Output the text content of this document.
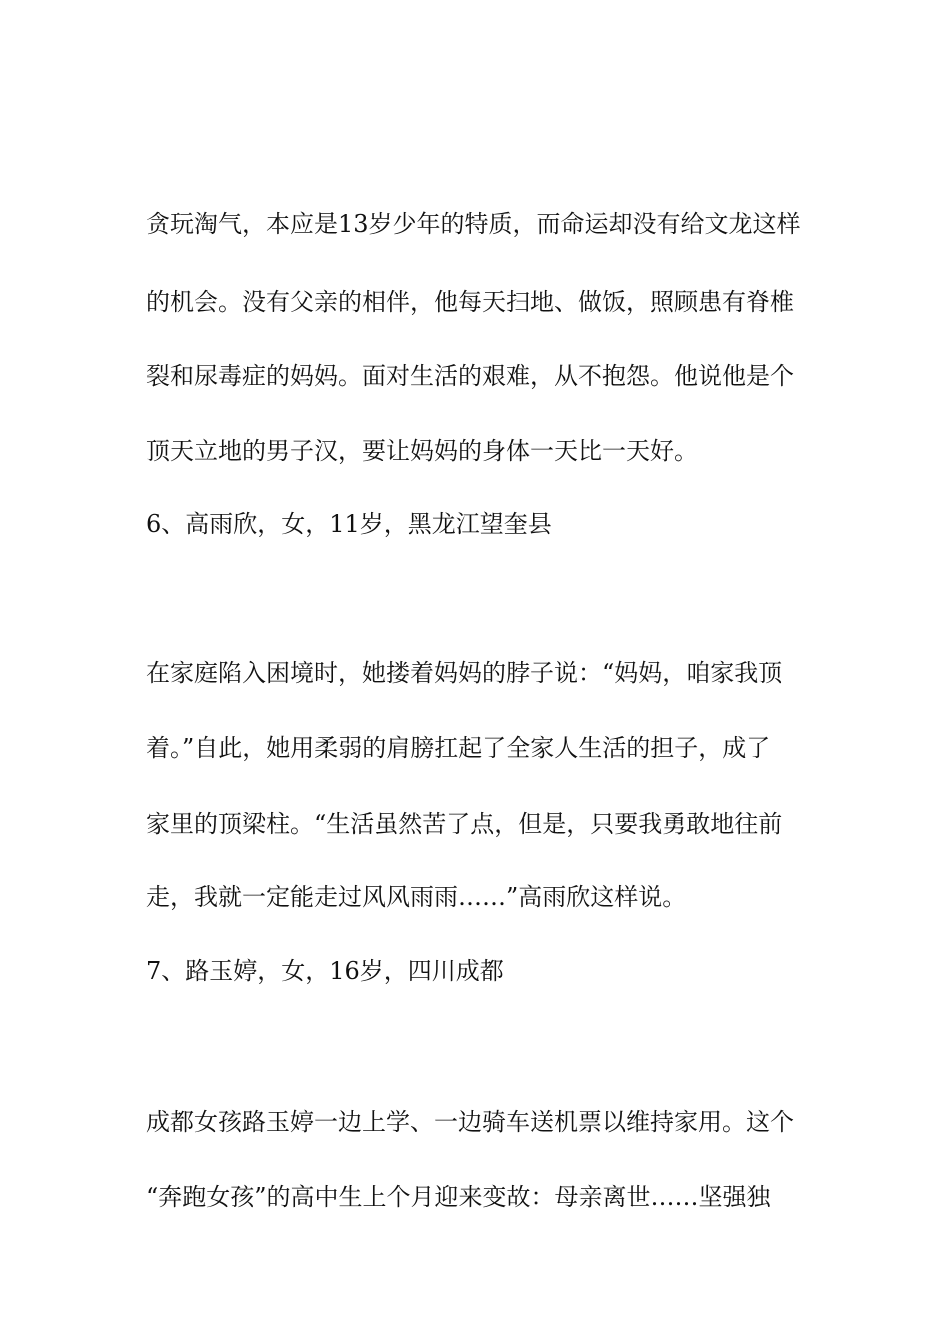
贪玩淘气，本应是13岁少年的特质，而命运却没有给文龙这样

的机会。没有父亲的相伴，他每天扫地、做饭，照顾患有脊椎

裂和尿毒症的妈妈。面对生活的艰难，从不抱怨。他说他是个

顶天立地的男子汉，要让妈妈的身体一天比一天好。

6、高雨欣，女，11岁，黑龙江望奎县

在家庭陷入困境时，她搂着妈妈的脖子说：“妈妈，咱家我顶

着。”自此，她用柔弱的肩膀扛起了全家人生活的担子，成了

家里的顶梁柱。“生活虽然苦了点，但是，只要我勇敢地往前

走，我就一定能走过风风雨雨……”高雨欣这样说。

7、路玉婷，女，16岁，四川成都

成都女孩路玉婷一边上学、一边骑车送机票以维持家用。这个

“奔跑女孩”的高中生上个月迎来变故：母亲离世……坚强独
